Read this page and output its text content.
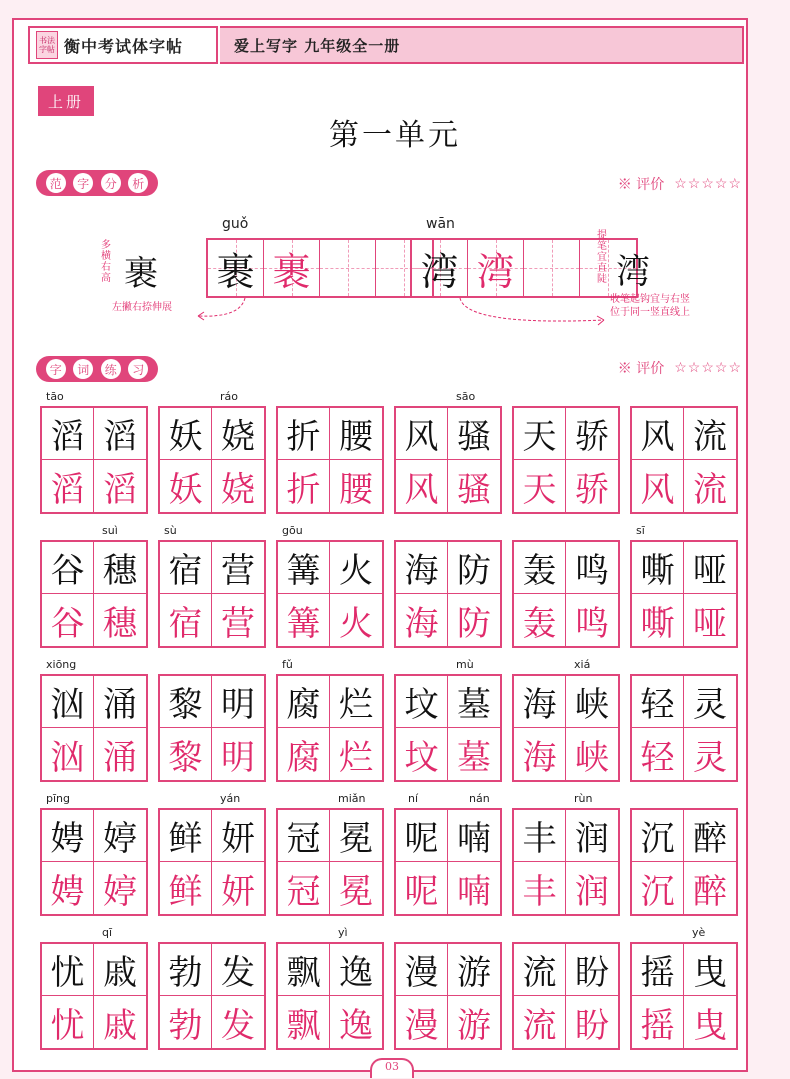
书法
字帖 衡中考试体字帖	爱上写字 九年级全一册
上册
第一单元
范	字	分	析	※ 评价 ☆☆☆☆☆
多横右高 裹
guǒ
裹 裹
左撇右捺伸展
wān
湾 湾
提笔宜直陡 湾
收笔起钩宜与右竖
位于同一竖直线上
字	词	练	习	※ 评价 ☆☆☆☆☆
滔 滔
滔 滔
tāo
妖 娆
妖 娆
ráo
折 腰
折 腰
风 骚
风 骚
sāo
天 骄
天 骄
风 流
风 流
谷 穗
谷 穗
suì
宿 营
宿 营
sù
篝 火
篝 火
gōu
海 防
海 防
轰 鸣
轰 鸣
嘶 哑
嘶 哑
sī
汹 涌
汹 涌
xiōng
黎 明
黎 明
腐 烂
腐 烂
fǔ
坟 墓
坟 墓
mù
海 峡
海 峡
xiá
轻 灵
轻 灵
娉 婷
娉 婷
pīng
鲜 妍
鲜 妍
yán
冠 冕
冠 冕
miǎn
呢 喃
呢 喃
ní  nán
丰 润
丰 润
rùn
沉 醉
沉 醉
忧 戚
忧 戚
qī
勃 发
勃 发
飘 逸
飘 逸
yì
漫 游
漫 游
流 盼
流 盼
摇 曳
摇 曳
yè
03
